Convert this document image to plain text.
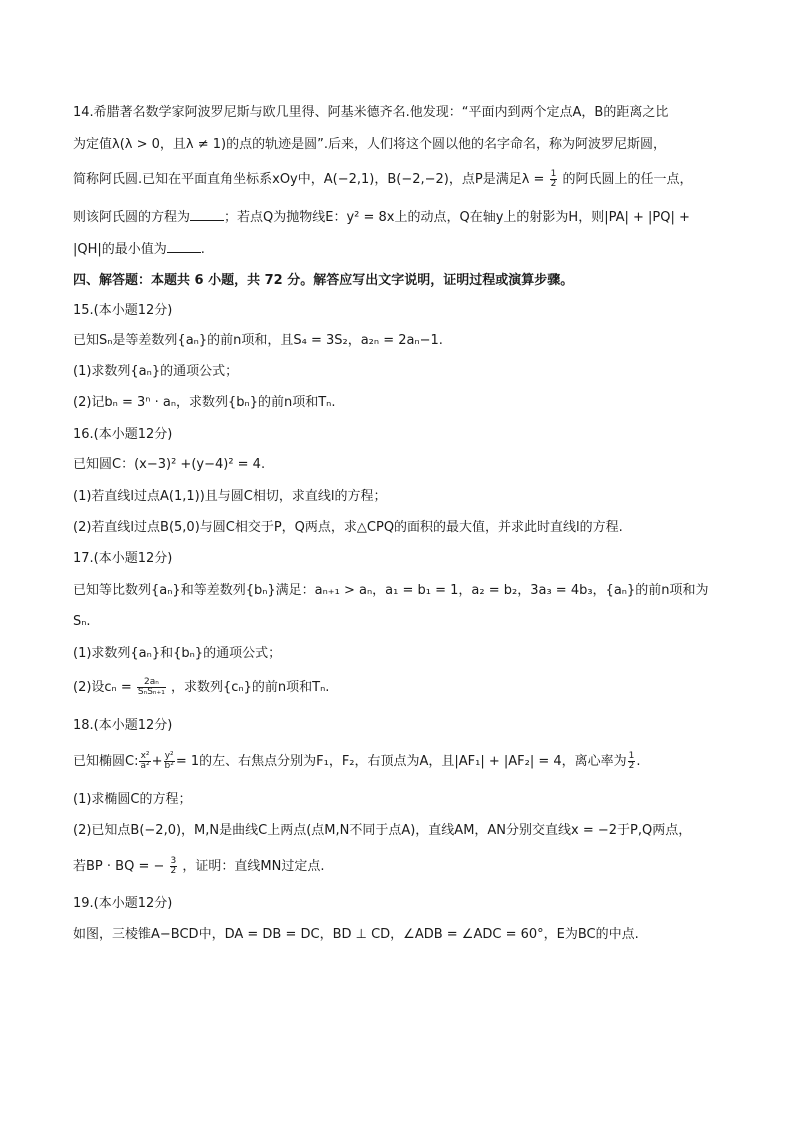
14.希腊著名数学家阿波罗尼斯与欧几里得、阿基米德齐名.他发现：“平面内到两个定点A，B的距离之比
为定值λ(λ > 0，且λ ≠ 1)的点的轨迹是圆”.后来，人们将这个圆以他的名字命名，称为阿波罗尼斯圆，
简称阿氏圆.已知在平面直角坐标系xOy中，A(−2,1)，B(−2,−2)，点P是满足$\lambda = \frac{1}{2}$ 的阿氏圆上的任一点，
则该阿氏圆的方程为	；若点Q为抛物线E：y² = 8x上的动点，Q在轴y上的射影为H，则|PA| + |PQ| +
|QH|的最小值为	.
四、解答题：本题共 6 小题，共 72 分。解答应写出文字说明，证明过程或演算步骤。
15.(本小题12分)
已知Sₙ是等差数列{aₙ}的前n项和，且S₄ = 3S₂，a₂ₙ = 2aₙ−1.
(1)求数列{aₙ}的通项公式；
(2)记bₙ = 3ⁿ · aₙ，求数列{bₙ}的前n项和Tₙ.
16.(本小题12分)
已知圆C：(x−3)² +(y−4)² = 4.
(1)若直线l过点A(1,1))且与圆C相切，求直线l的方程；
(2)若直线l过点B(5,0)与圆C相交于P，Q两点，求△CPQ的面积的最大值，并求此时直线l的方程.
17.(本小题12分)
已知等比数列{aₙ}和等差数列{bₙ}满足：aₙ₊₁ > aₙ，a₁ = b₁ = 1，a₂ = b₂，3a₃ = 4b₃，{aₙ}的前n项和为
Sₙ.
(1)求数列{aₙ}和{bₙ}的通项公式；
(2)设$c_n = \frac{\text{2aₙ}}{\text{SₙSₙ₊₁}}$ ，求数列{cₙ}的前n项和Tₙ.
18.(本小题12分)
已知椭圆C: $\frac{\text{x²}}{\text{a²}} + \frac{\text{y²}}{\text{b²}} = 1$的左、右焦点分别为F₁，F₂，右顶点为A，且|AF₁| + |AF₂| = 4，离心率为 $\frac{1}{2}$ .
(1)求椭圆C的方程；
(2)已知点B(−2,0)，M,N是曲线C上两点(点M,N不同于点A)，直线AM，AN分别交直线x = −2于P,Q两点，
若BP · BQ = − $\frac{3}{2}$ ，证明：直线MN过定点.
19.(本小题12分)
如图，三棱锥A−BCD中，DA = DB = DC，BD ⊥ CD，∠ADB = ∠ADC = 60°，E为BC的中点.
